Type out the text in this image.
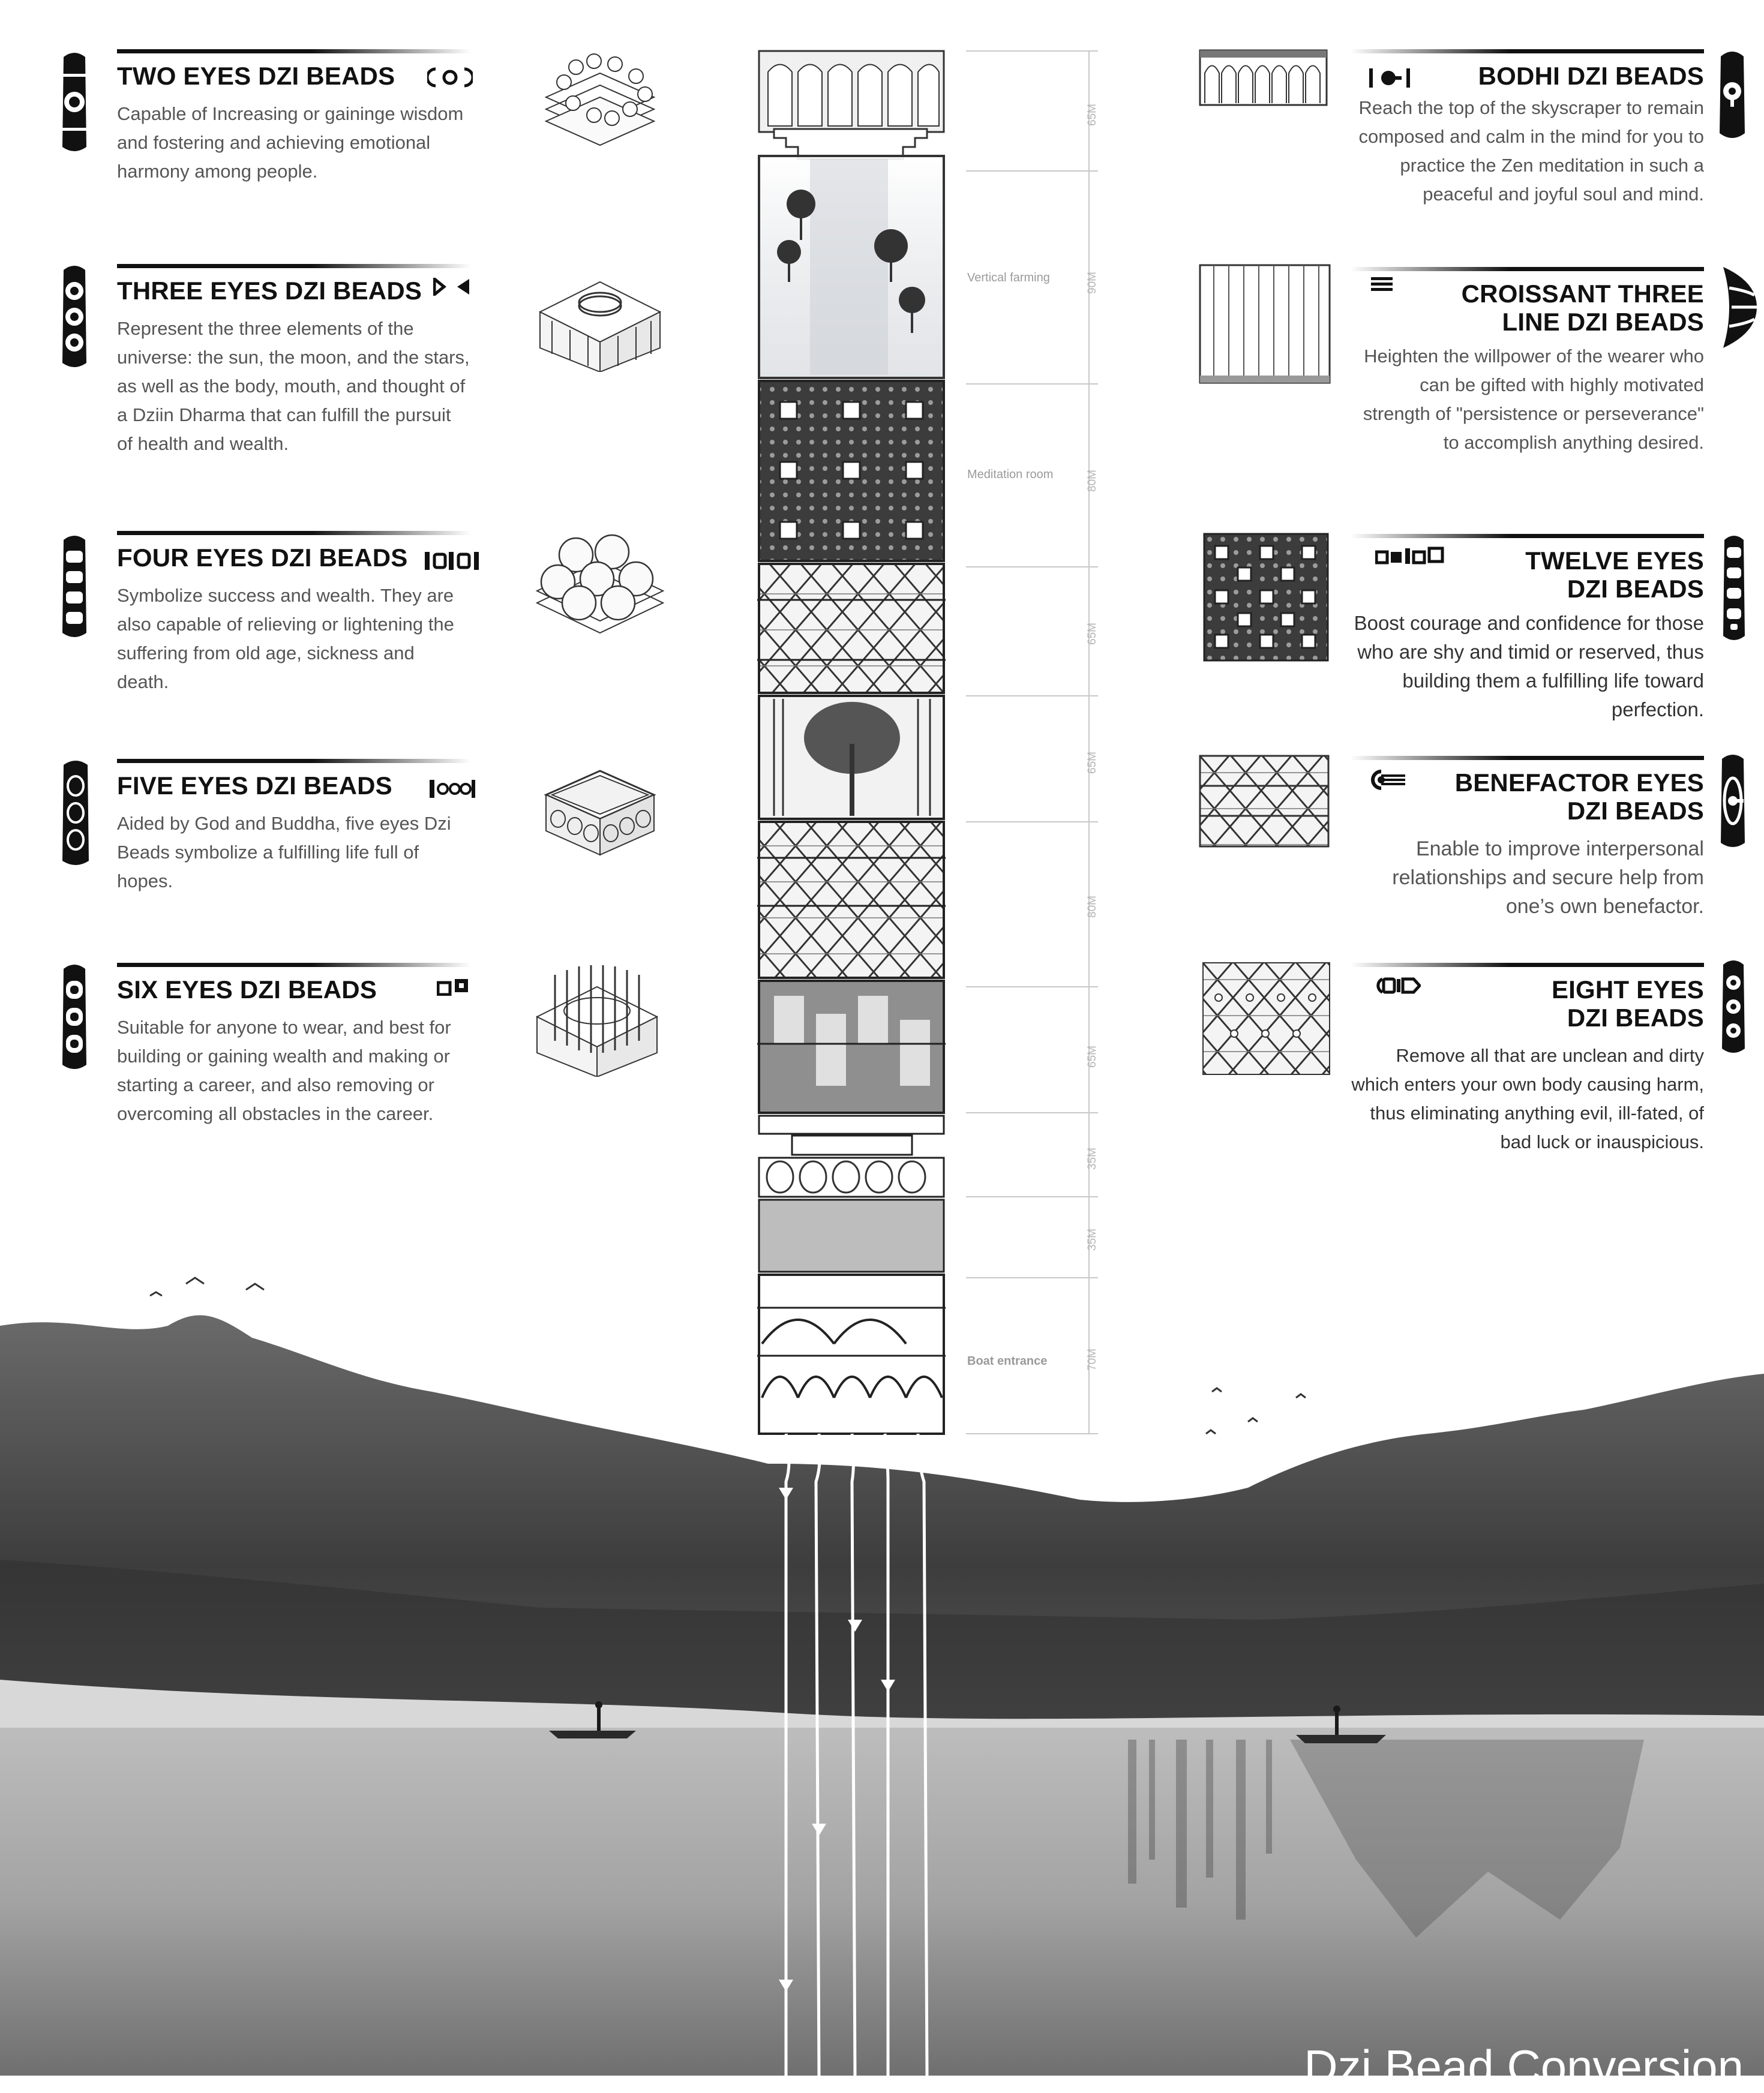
Vertical farming
Meditation room
Boat entrance
65M
90M
80M
65M
65M
80M
65M
35M
35M
70M
TWO EYES DZI BEADS

Capable of Increasing or gaininge wisdom and fostering and achieving emotional harmony among people.

THREE EYES DZI BEADS

Represent the three elements of the universe: the sun, the moon, and the stars, as well as the body, mouth, and thought of a Dziin Dharma that can fulfill the pursuit of health and wealth.

FOUR EYES DZI BEADS

Symbolize success and wealth. They are also capable of relieving or lightening the suffering from old age, sickness and death.

FIVE EYES DZI BEADS

Aided by God and Buddha, five eyes Dzi Beads symbolize a fulfilling life full of hopes.

SIX EYES DZI BEADS

Suitable for anyone to wear, and best for building or gaining wealth and making or starting a career, and also removing or overcoming all obstacles in the career.

BODHI DZI BEADS

Reach the top of the skyscraper to remain composed and calm in the mind for you to practice the Zen meditation in such a peaceful and joyful soul and mind.

CROISSANT THREE LINE DZI BEADS

Heighten the willpower of the wearer who can be gifted with highly motivated strength of "persistence or perseverance" to accomplish anything desired.

TWELVE EYES DZI BEADS

Boost courage and confidence for those who are shy and timid or reserved, thus building them a fulfilling life toward perfection.

BENEFACTOR EYES DZI BEADS

Enable to improve interpersonal relationships and secure help from one’s own benefactor.

EIGHT EYES DZI BEADS

Remove all that are unclean and dirty which enters your own body causing harm, thus eliminating anything evil, ill-fated, of bad luck or inauspicious.

Dzi Bead Conversion
